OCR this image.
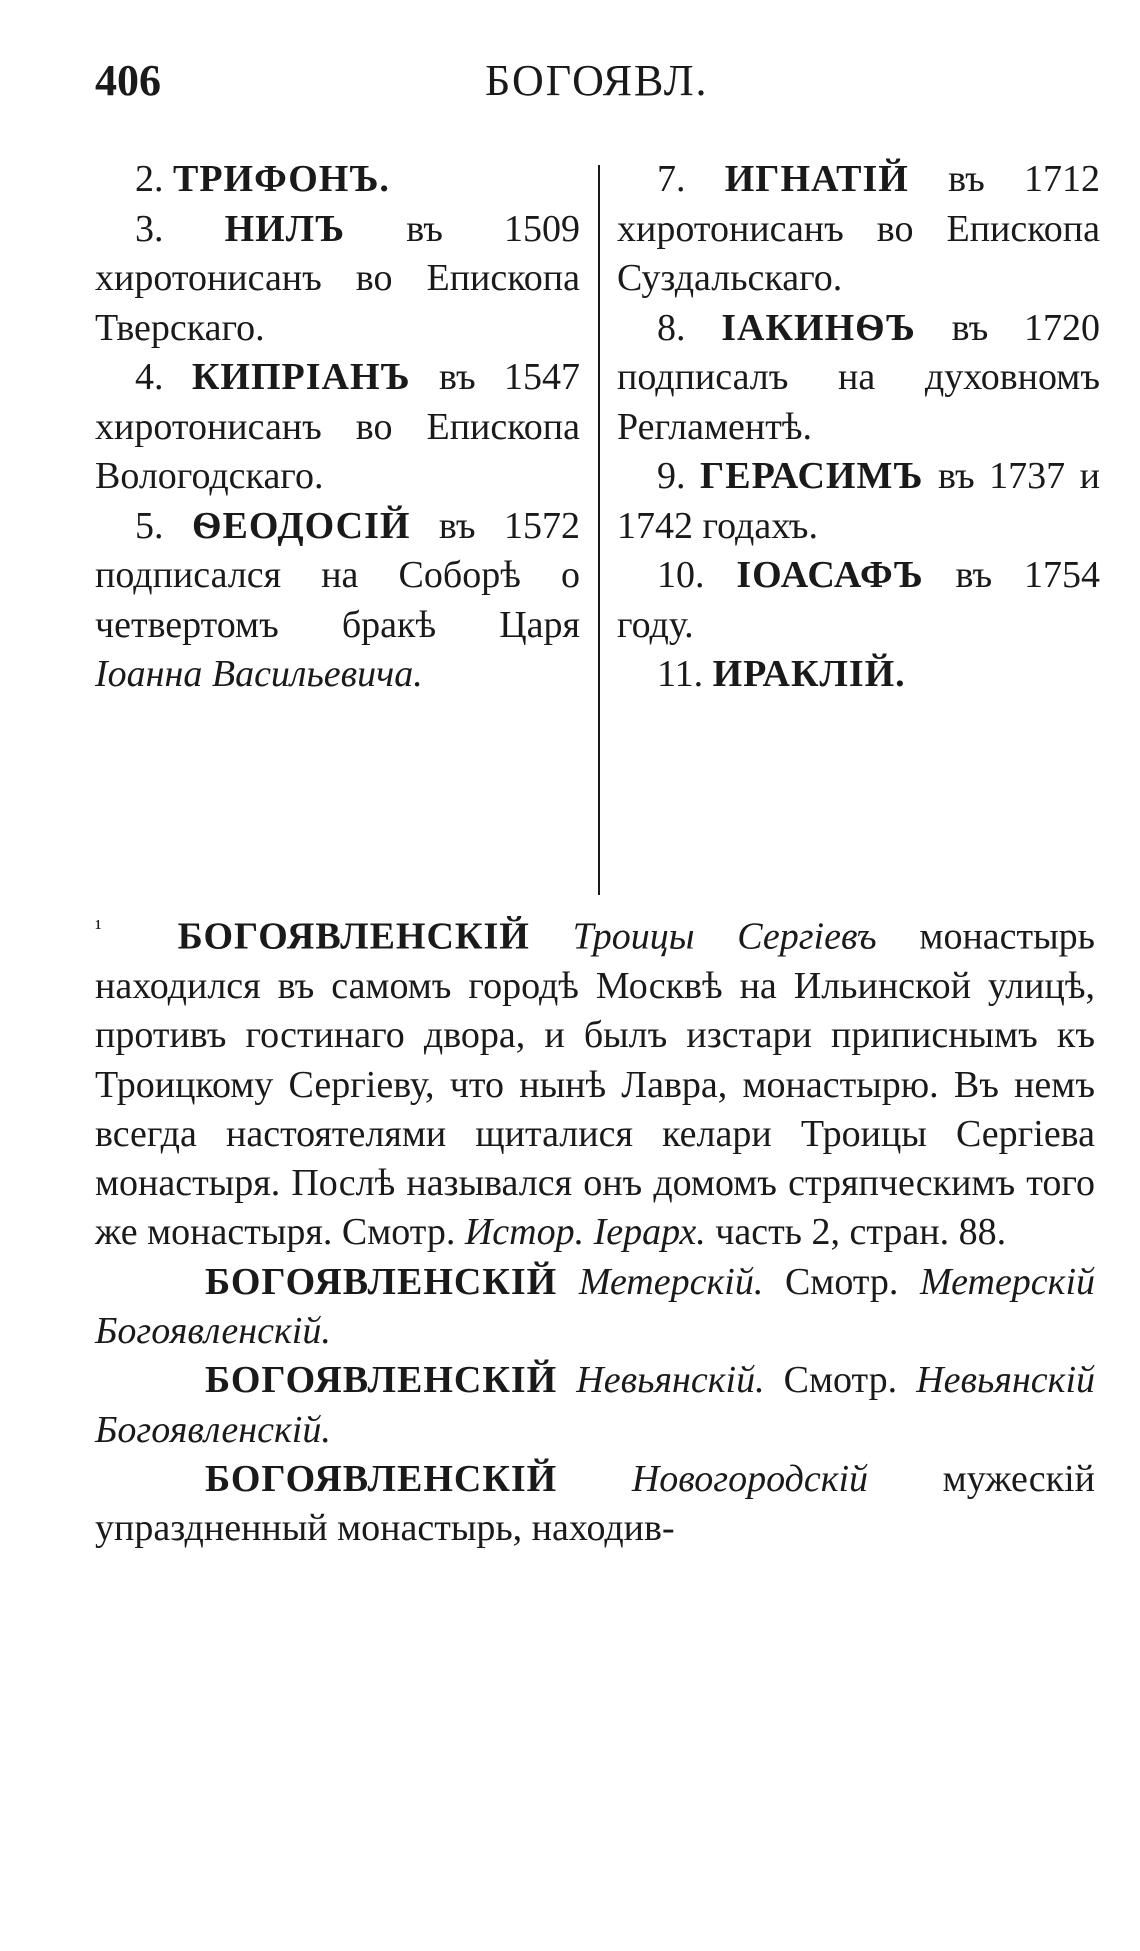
406	БОГОЯВЛ.

2. ТРИФОНЪ.

3. НИЛЪ въ 1509 хиротонисанъ во Епископа Тверскаго.

4. КИПРІАНЪ въ 1547 хиротонисанъ во Епископа Вологодскаго.

5. ѲЕОДОСІЙ въ 1572 подписался на Соборѣ о четвертомъ бракѣ Царя Іоанна Васильевича.

7. ИГНАТІЙ въ 1712 хиротонисанъ во Епископа Суздальскаго.

8. ІАКИНѲЪ въ 1720 подписалъ на духовномъ Регламентѣ.

9. ГЕРАСИМЪ въ 1737 и 1742 годахъ.

10. ІОАСАФЪ въ 1754 году.

11. ИРАКЛІЙ.

$^{^1}$ БОГОЯВЛЕНСКІЙ Троицы Сергіевъ монастырь находился въ самомъ городѣ Москвѣ на Ильинской улицѣ, противъ гостинаго двора, и былъ изстари приписнымъ къ Троицкому Сергіеву, что нынѣ Лавра, монастырю. Въ немъ всегда настоятелями щиталися келари Троицы Сергіева монастыря. Послѣ назывался онъ домомъ стряпческимъ того же монастыря. Смотр. Истор. Іерарх. часть 2, стран. 88.

БОГОЯВЛЕНСКІЙ Метерскій. Смотр. Метерскій Богоявленскій.

БОГОЯВЛЕНСКІЙ Невьянскій. Смотр. Невьянскій Богоявленскій.

БОГОЯВЛЕНСКІЙ Новогородскій мужескій упраздненный монастырь, находив-
